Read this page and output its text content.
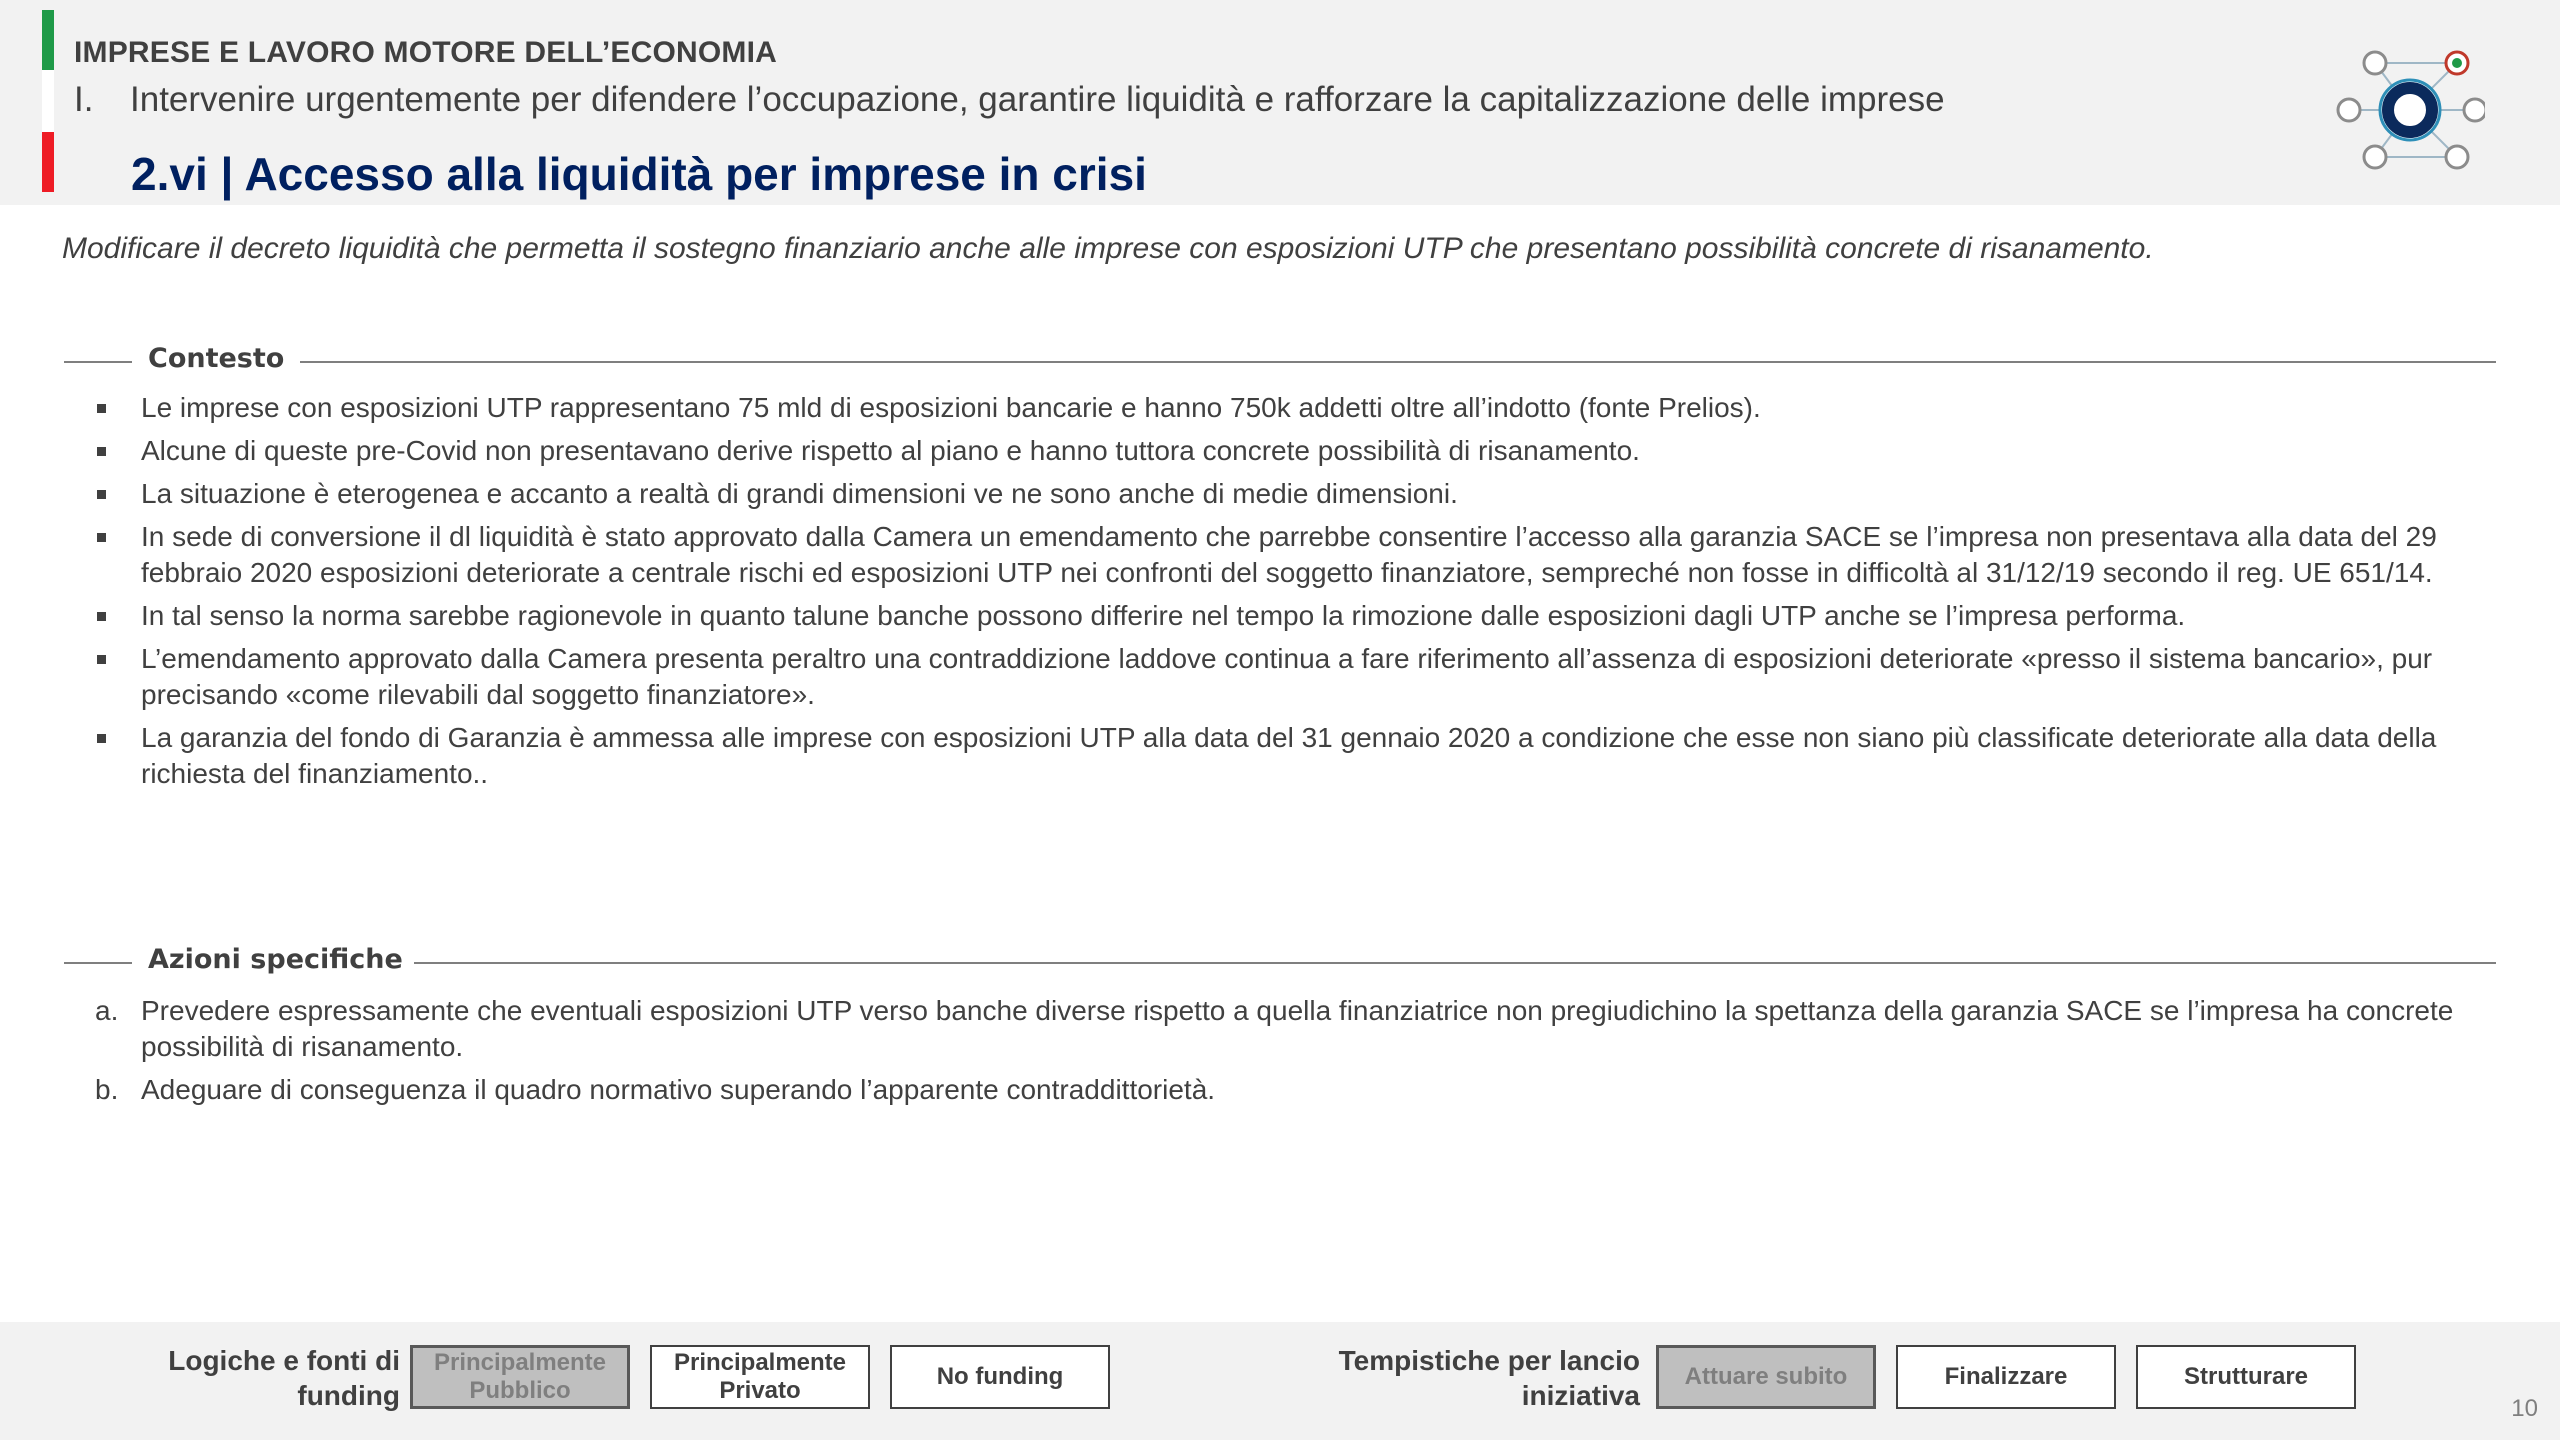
IMPRESE E LAVORO MOTORE DELL’ECONOMIA
I. Intervenire urgentemente per difendere l’occupazione, garantire liquidità e rafforzare la capitalizzazione delle imprese
2.vi | Accesso alla liquidità per imprese in crisi
Modificare il decreto liquidità che permetta il sostegno finanziario anche alle imprese con esposizioni UTP che presentano possibilità concrete di risanamento.
Contesto
Le imprese con esposizioni UTP rappresentano 75 mld di esposizioni bancarie e hanno 750k addetti oltre all’indotto (fonte Prelios).
Alcune di queste pre-Covid non presentavano derive rispetto al piano e hanno tuttora concrete possibilità di risanamento.
La situazione è eterogenea e accanto a realtà di grandi dimensioni ve ne sono anche di medie dimensioni.
In sede di conversione il dl liquidità è stato approvato dalla Camera un emendamento che parrebbe consentire l’accesso alla garanzia SACE se l’impresa non presentava alla data del 29 febbraio 2020 esposizioni deteriorate a centrale rischi ed esposizioni UTP nei confronti del soggetto finanziatore, sempreché non fosse in difficoltà al 31/12/19 secondo il reg. UE 651/14.
In tal senso la norma sarebbe ragionevole in quanto talune banche possono differire nel tempo la rimozione dalle esposizioni dagli UTP anche se l’impresa performa.
L’emendamento approvato dalla Camera presenta peraltro una contraddizione laddove continua a fare riferimento all’assenza di esposizioni deteriorate «presso il sistema bancario», pur precisando «come rilevabili dal soggetto finanziatore».
La garanzia del fondo di Garanzia è ammessa alle imprese con esposizioni UTP alla data del 31 gennaio 2020 a condizione che esse non siano più classificate deteriorate alla data della richiesta del finanziamento..
Azioni specifiche
a. Prevedere espressamente che eventuali esposizioni UTP verso banche diverse rispetto a quella finanziatrice non pregiudichino la spettanza della garanzia SACE se l’impresa ha concrete possibilità di risanamento.
b. Adeguare di conseguenza il quadro normativo superando l’apparente contraddittorietà.
Logiche e fonti di
funding
Principalmente Pubblico
Principalmente Privato
No funding
Tempistiche per lancio
iniziativa
Attuare subito	Finalizzare	Strutturare
10
